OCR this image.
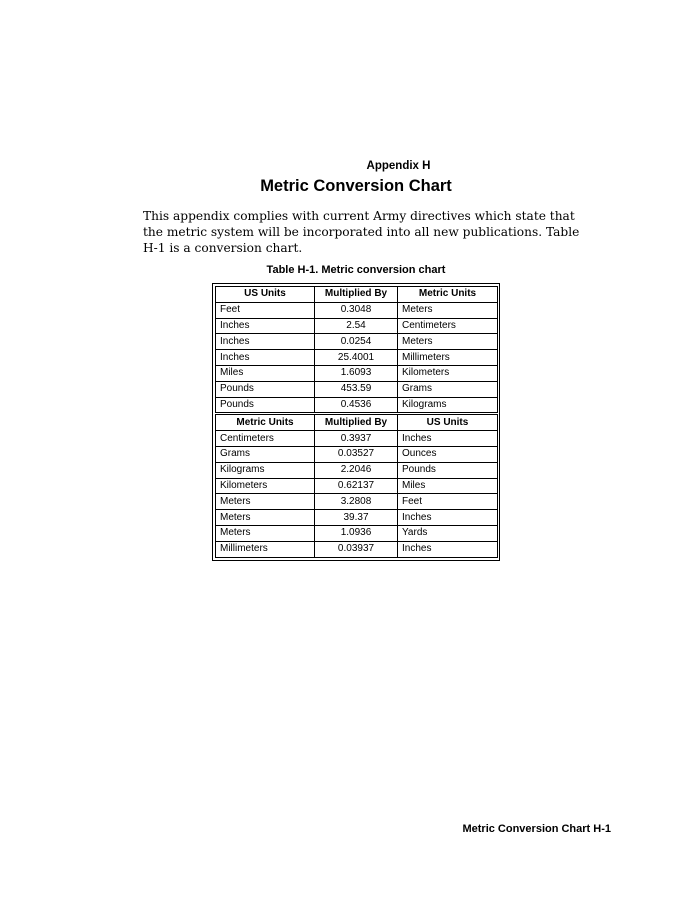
Appendix H
Metric Conversion Chart

This appendix complies with current Army directives which state that the metric system will be incorporated into all new publications. Table H-1 is a conversion chart.

Table H-1. Metric conversion chart
US Units	Multiplied By	Metric Units
Feet	0.3048	Meters
Inches	2.54	Centimeters
Inches	0.0254	Meters
Inches	25.4001	Millimeters
Miles	1.6093	Kilometers
Pounds	453.59	Grams
Pounds	0.4536	Kilograms
Metric Units	Multiplied By	US Units
Centimeters	0.3937	Inches
Grams	0.03527	Ounces
Kilograms	2.2046	Pounds
Kilometers	0.62137	Miles
Meters	3.2808	Feet
Meters	39.37	Inches
Meters	1.0936	Yards
Millimeters	0.03937	Inches
Metric Conversion Chart H-1
